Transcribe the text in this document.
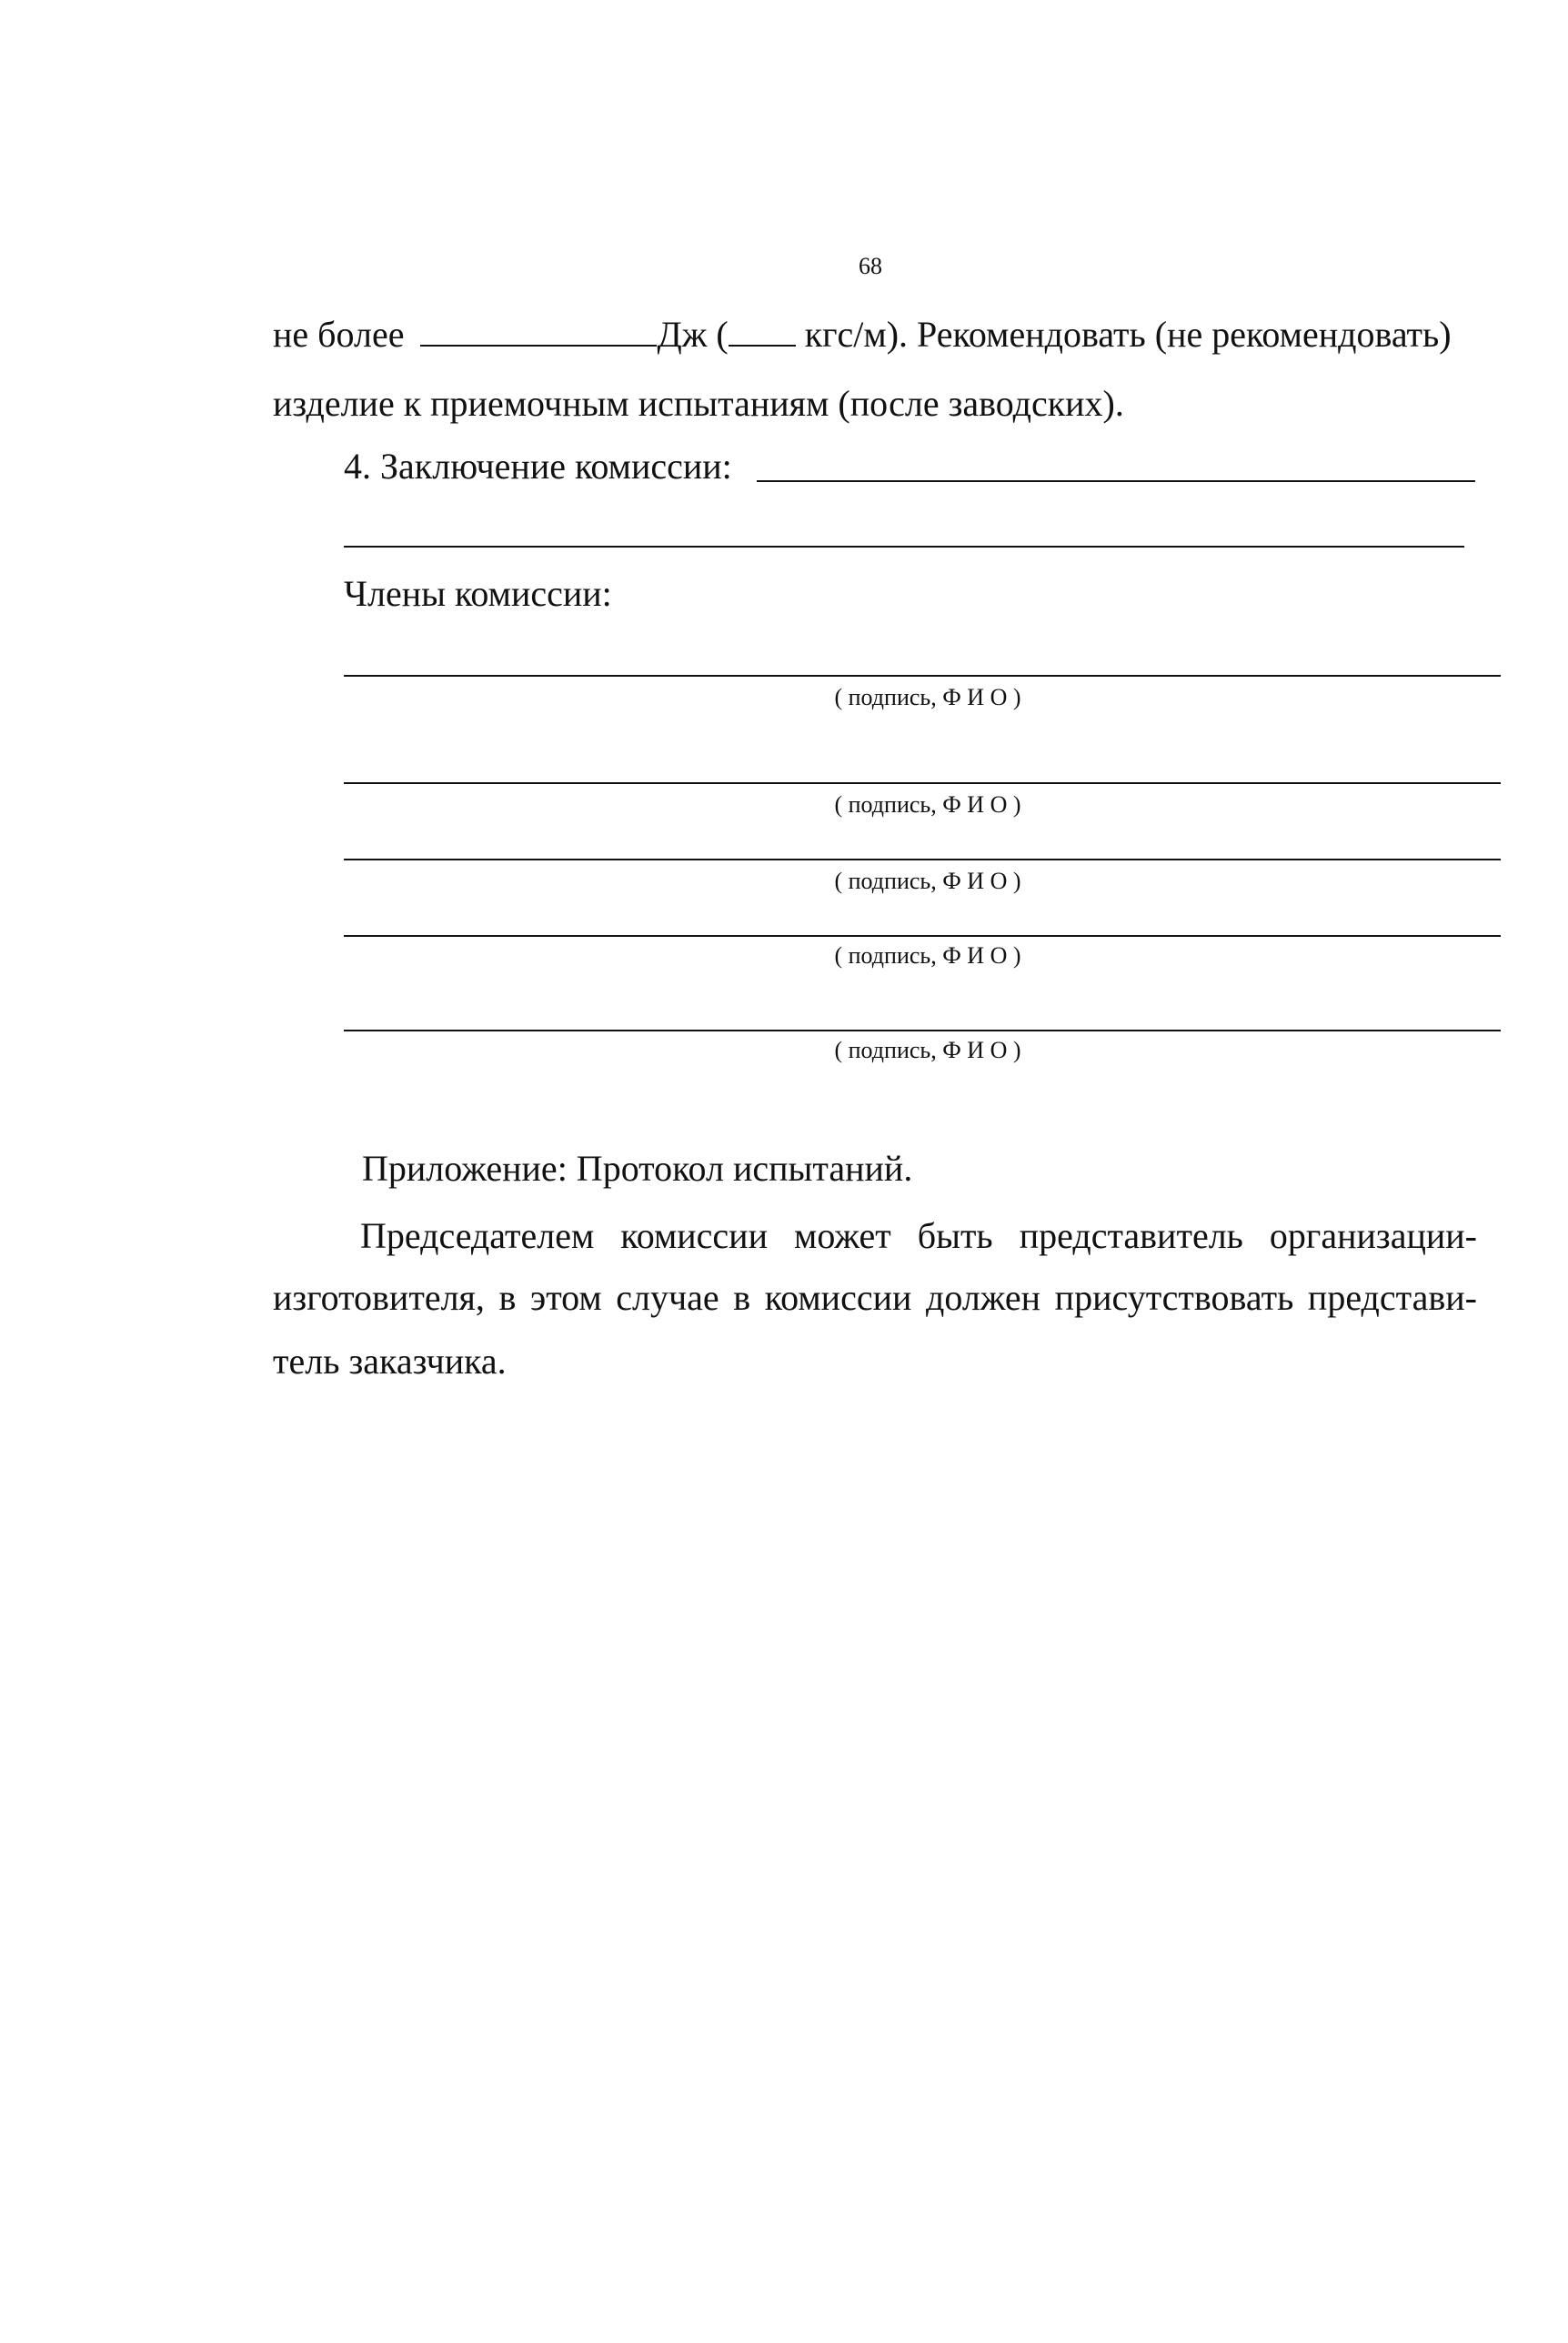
68
не более	Дж ( кгс/м). Рекомендовать (не рекомендовать)
изделие к приемочным испытаниям (после заводских).
4. Заключение комиссии:
Члены комиссии:
( подпись, Ф И О )
( подпись, Ф И О )
( подпись, Ф И О )
( подпись, Ф И О )
( подпись, Ф И О )
Приложение: Протокол испытаний.
Председателем комиссии может быть представитель организации-
изготовителя, в этом случае в комиссии должен присутствовать представи-
тель заказчика.
